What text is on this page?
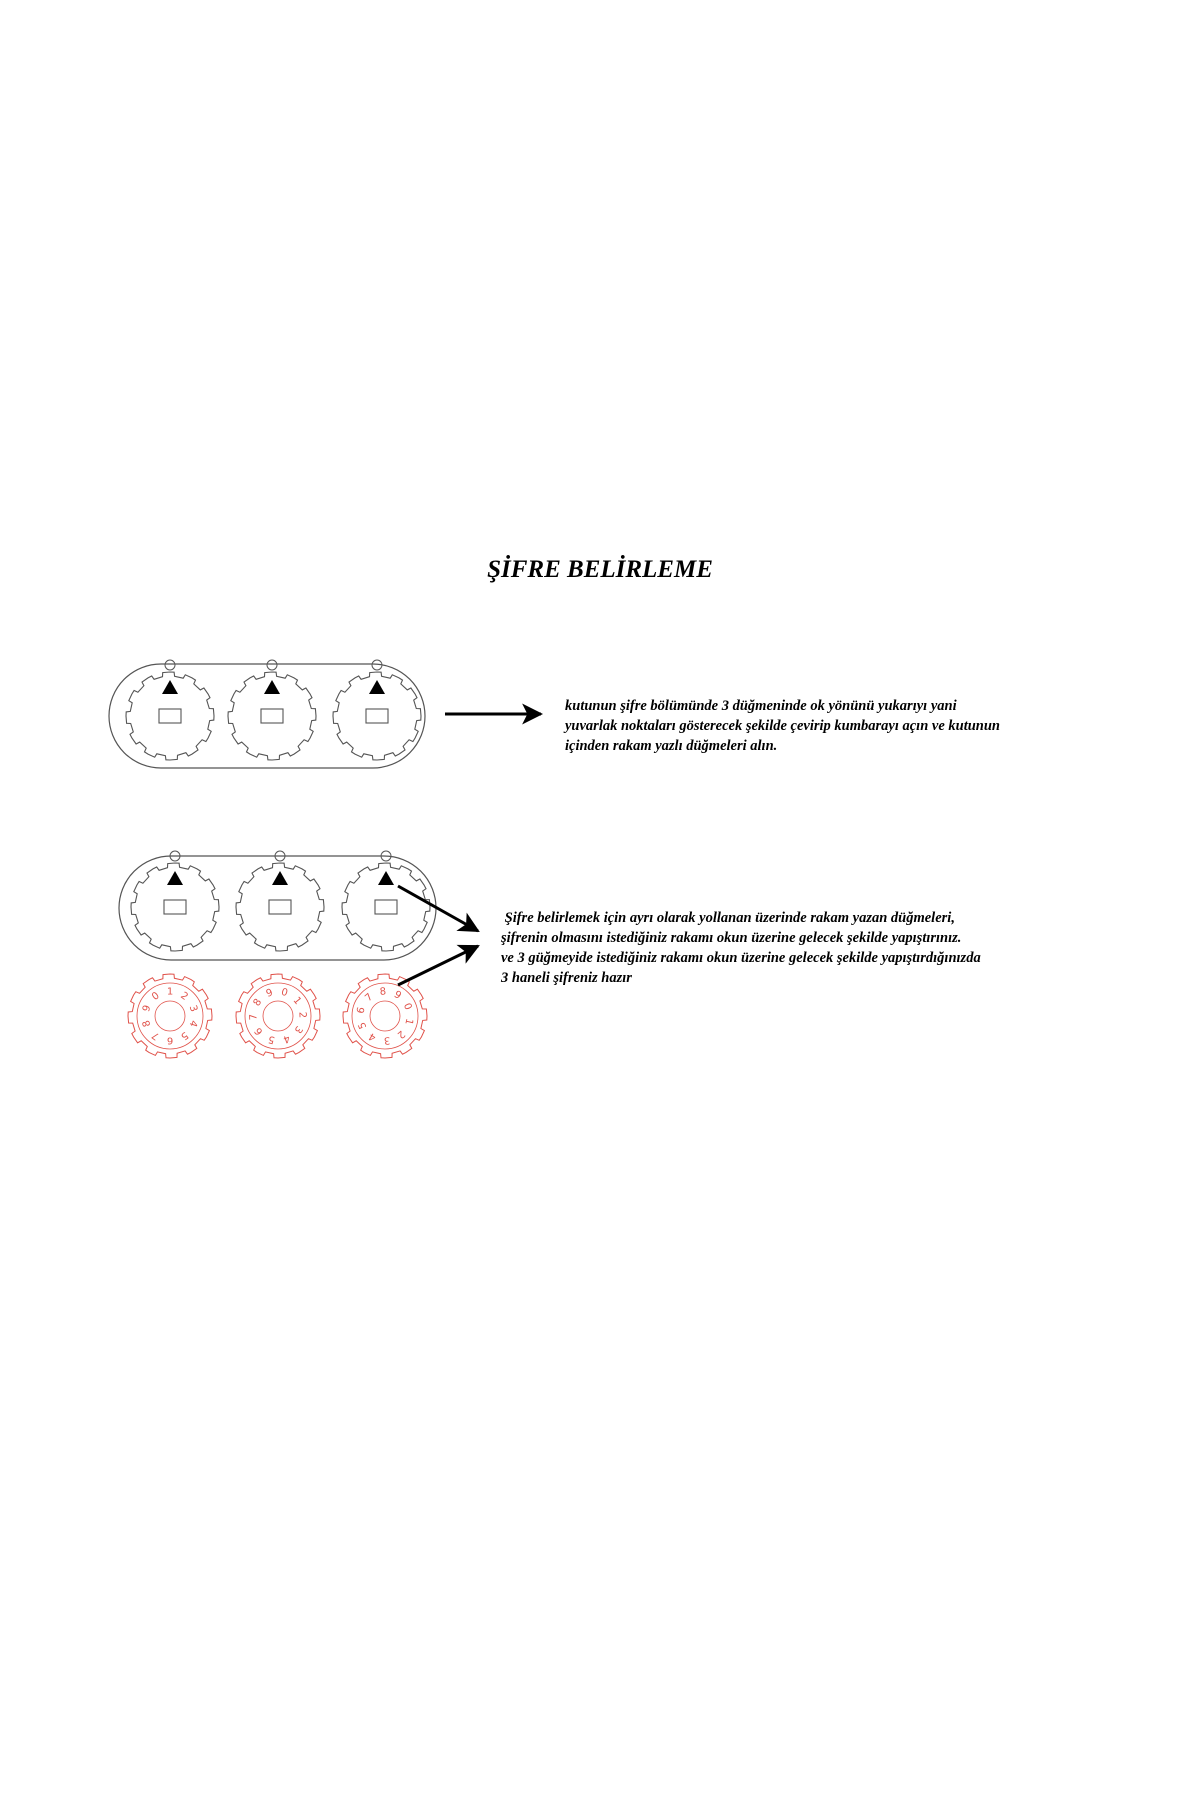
ŞİFRE BELİRLEME
kutunun şifre bölümünde 3 düğmeninde ok yönünü yukarıyı yani
yuvarlak noktaları gösterecek şekilde çevirip kumbarayı açın ve kutunun
içinden rakam yazlı düğmeleri alın.
Şifre belirlemek için ayrı olarak yollanan üzerinde rakam yazan düğmeleri,
şifrenin olmasını istediğiniz rakamı okun üzerine gelecek şekilde yapıştırınız.
ve 3 güğmeyide istediğiniz rakamı okun üzerine gelecek şekilde yapıştırdığınızda
3 haneli şifreniz hazır
1 2
3
4
5
6
7
8
9
0	1
2
3
4
5
6
7
8
9 0
1
2
3
4
5
6
7 8 9
0
